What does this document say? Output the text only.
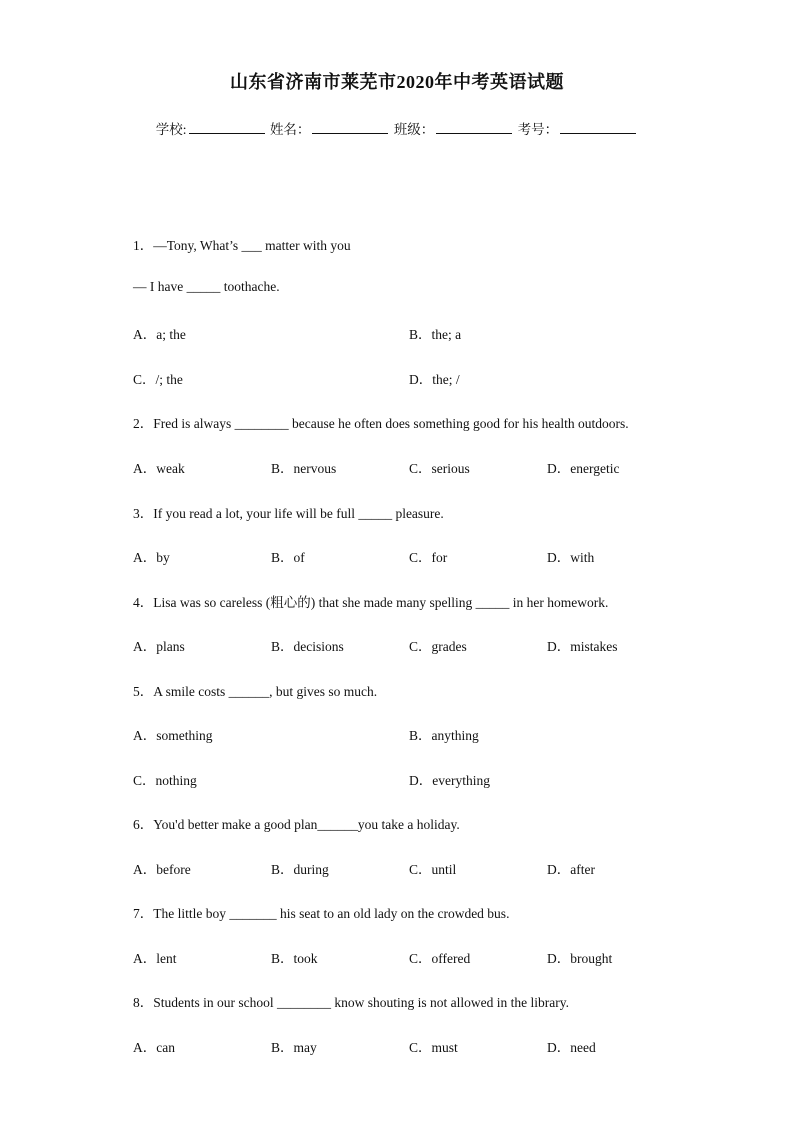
山东省济南市莱芜市2020年中考英语试题
学校:	姓名：	班级：	考号：
1．—Tony, What’s ___ matter with you
— I have _____ toothache.
A．a; the	B．the; a
C．/; the	D．the; /
2．Fred is always ________ because he often does something good for his health outdoors.
A．weak	B．nervous	C．serious	D．energetic
3．If you read a lot, your life will be full _____ pleasure.
A．by	B．of	C．for	D．with
4．Lisa was so careless (粗心的) that she made many spelling _____ in her homework.
A．plans	B．decisions	C．grades	D．mistakes
5．A smile costs ______, but gives so much.
A．something	B．anything
C．nothing	D．everything
6．You'd better make a good plan______you take a holiday.
A．before	B．during	C．until	D．after
7．The little boy _______ his seat to an old lady on the crowded bus.
A．lent	B．took	C．offered	D．brought
8．Students in our school ________ know shouting is not allowed in the library.
A．can	B．may	C．must	D．need
